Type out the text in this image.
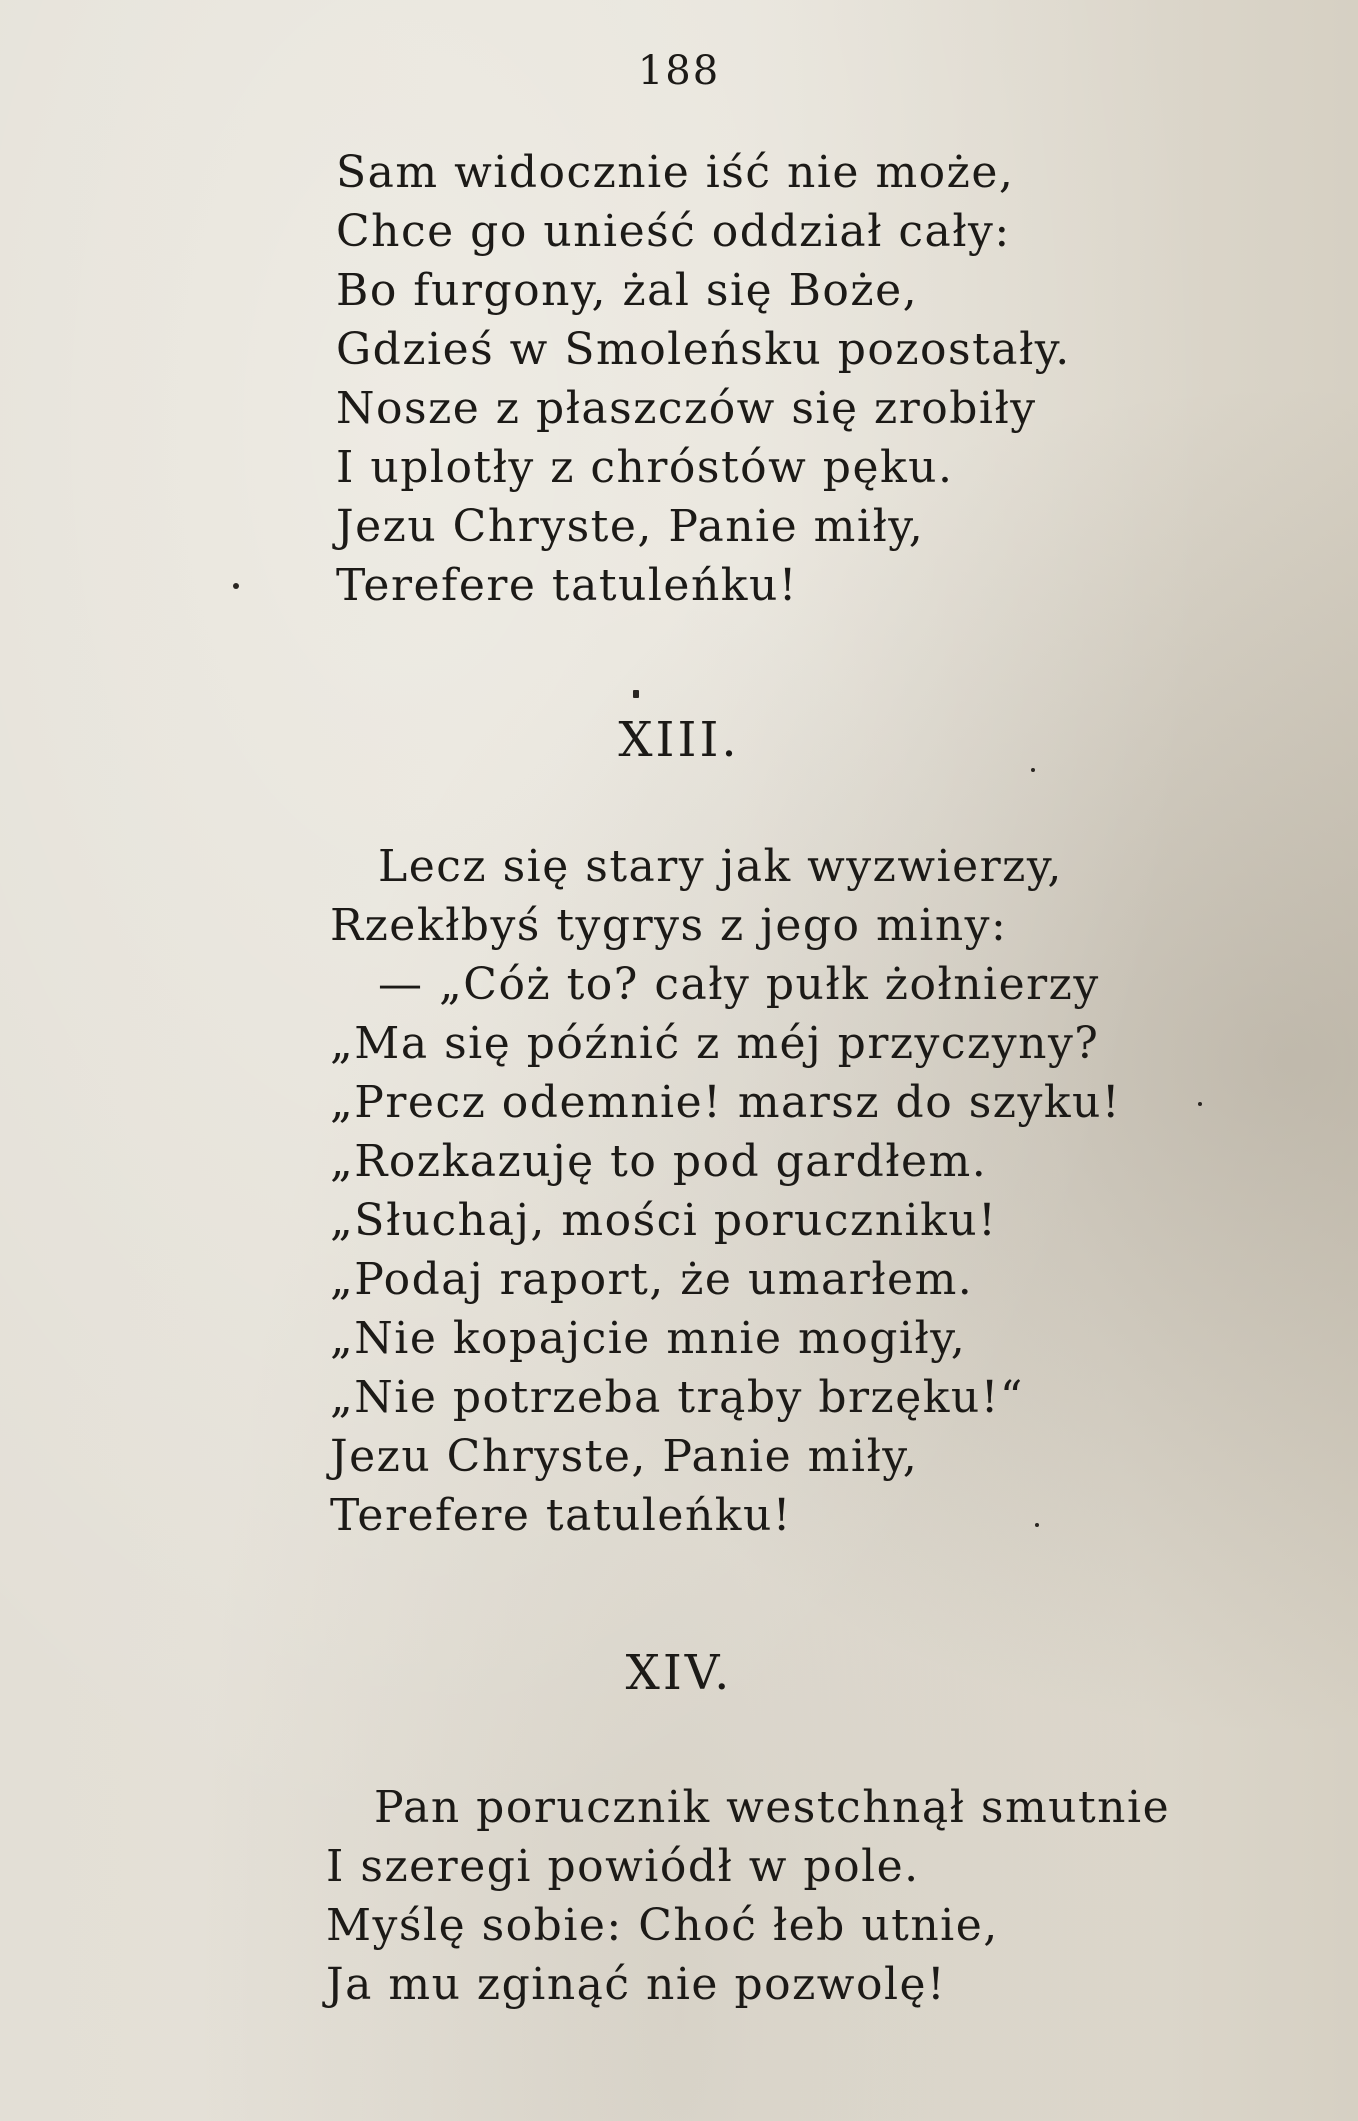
188
Sam widocznie iść nie może,
Chce go unieść oddział cały:
Bo furgony, żal się Boże,
Gdzieś w Smoleńsku pozostały.
Nosze z płaszczów się zrobiły
I uplotły z chróstów pęku.
Jezu Chryste, Panie miły,
Terefere tatuleńku!
XIII.
Lecz się stary jak wyzwierzy,
Rzekłbyś tygrys z jego miny:
— „Cóż to? cały pułk żołnierzy
„Ma się późnić z méj przyczyny?
„Precz odemnie! marsz do szyku!
„Rozkazuję to pod gardłem.
„Słuchaj, mości poruczniku!
„Podaj raport, że umarłem.
„Nie kopajcie mnie mogiły,
„Nie potrzeba trąby brzęku!“
Jezu Chryste, Panie miły,
Terefere tatuleńku!
XIV.
Pan porucznik westchnął smutnie
I szeregi powiódł w pole.
Myślę sobie: Choć łeb utnie,
Ja mu zginąć nie pozwolę!
